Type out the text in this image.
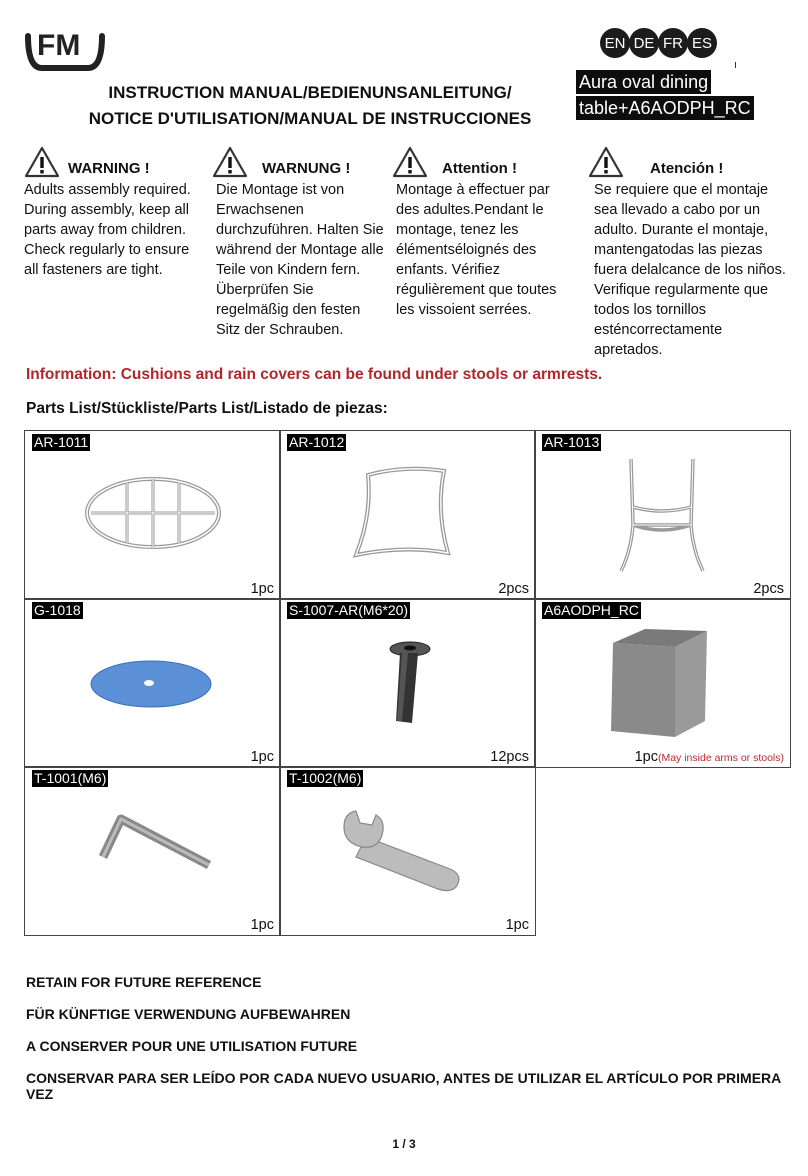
FM	EN DE FR ES
Aura oval dining
table+A6AODPH_RC
INSTRUCTION MANUAL/BEDIENUNSANLEITUNG/
NOTICE D'UTILISATION/MANUAL DE INSTRUCCIONES
WARNING !
Adults assembly required. During assembly, keep all parts away from children. Check regularly to ensure all fasteners are tight.
WARNUNG !
Die Montage ist von Erwachsenen durchzuführen. Halten Sie während der Montage alle Teile von Kindern fern. Überprüfen Sie regelmäßig den festen Sitz der Schrauben.
Attention !
Montage à effectuer par des adultes.Pendant le montage, tenez les élémentséloignés des enfants. Vérifiez régulièrement que toutes les vissoient serrées.
Atención !
Se requiere que el montaje sea llevado a cabo por un adulto. Durante el montaje, mantengatodas las piezas fuera delalcance de los niños. Verifique regularmente que todos los tornillos esténcorrectamente apretados.
Information: Cushions and rain covers can be found under stools or armrests.
Parts List/Stückliste/Parts List/Listado de piezas:
AR-1011
1pc
AR-1012
2pcs
AR-1013
2pcs
G-1018
1pc
S-1007-AR(M6*20)
12pcs
A6AODPH_RC
1pc(May inside arms or stools)
T-1001(M6)
1pc
T-1002(M6)
1pc
RETAIN FOR FUTURE REFERENCE
FÜR KÜNFTIGE VERWENDUNG AUFBEWAHREN
A CONSERVER POUR UNE UTILISATION FUTURE
CONSERVAR PARA SER LEÍDO POR CADA NUEVO USUARIO, ANTES DE UTILIZAR EL ARTÍCULO POR PRIMERA VEZ
1 / 3
